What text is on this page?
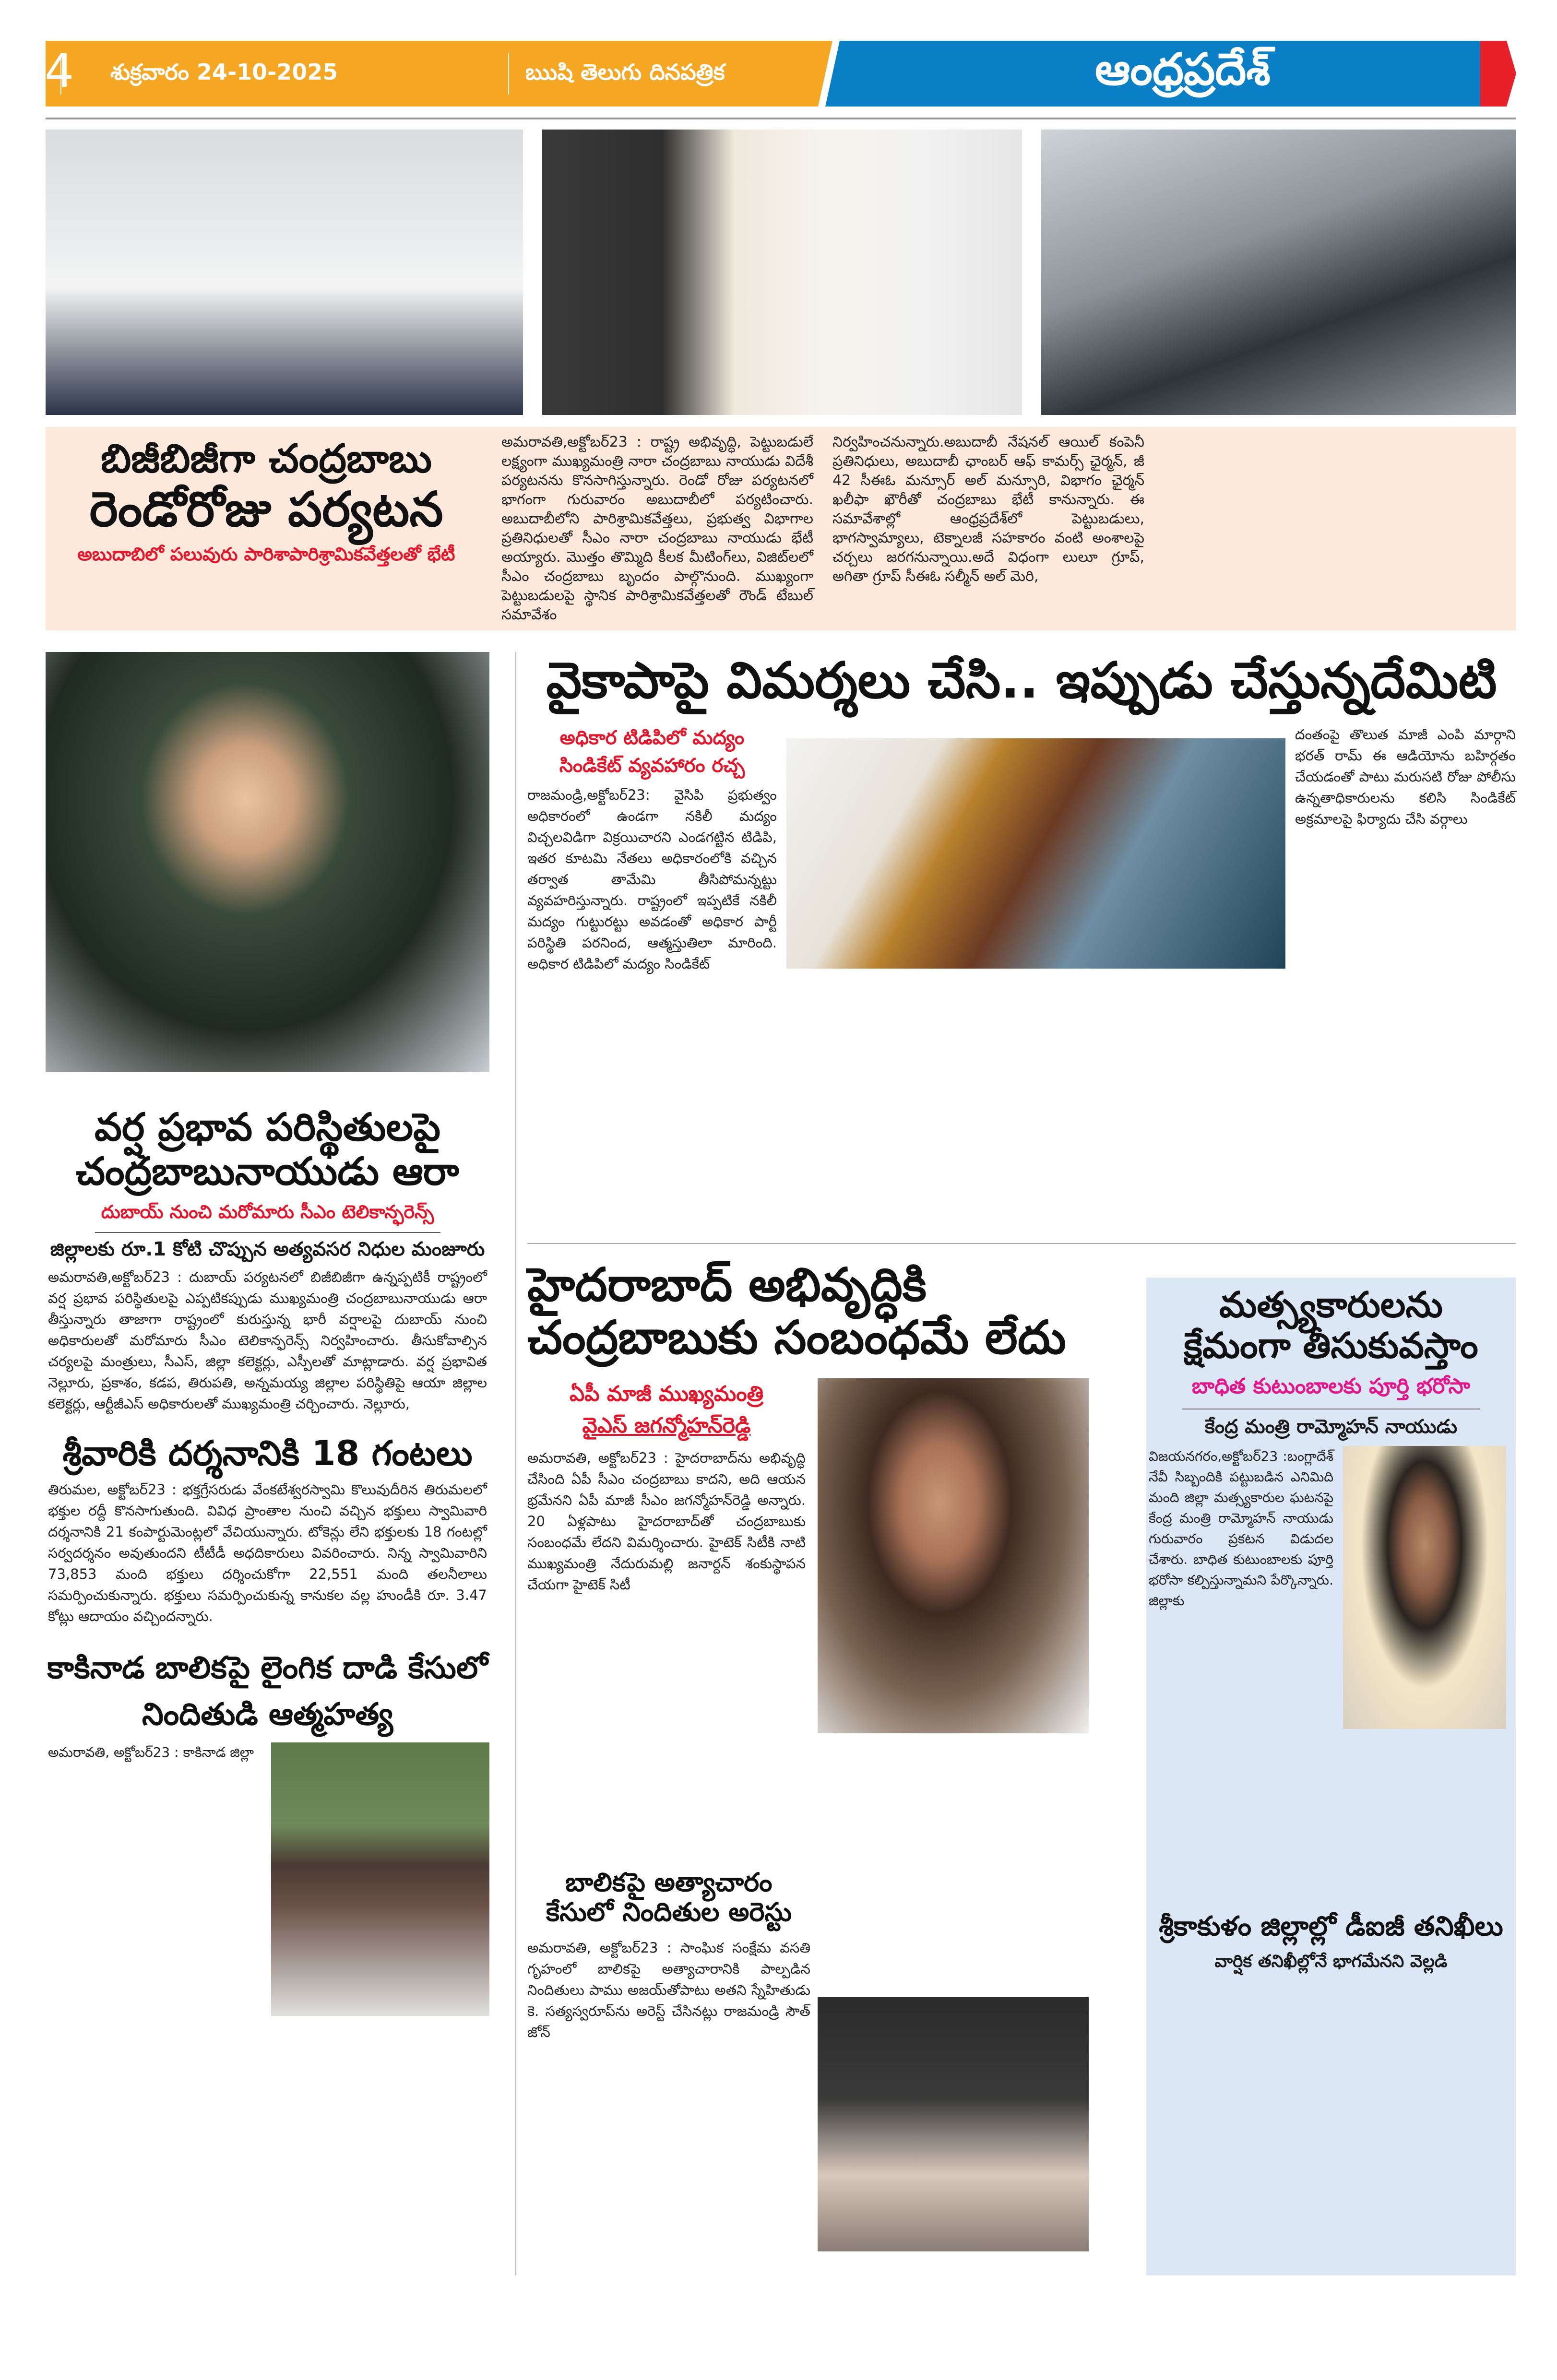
4 శుక్రవారం 24-10-2025	ఋషి తెలుగు దినపత్రిక	ఆంధ్రప్రదేశ్
బిజీబిజీగా చంద్రబాబు
రెండోరోజు పర్యటన
అబుదాబిలో పలువురు పారిశాపారిశ్రామికవేత్తలతో భేటీ
అమరావతి,అక్టోబర్23 : రాష్ట్ర అభివృద్ధి, పెట్టుబడులే లక్ష్యంగా ముఖ్యమంత్రి నారా చంద్రబాబు నాయుడు విదేశీ పర్యటనను కొనసాగిస్తున్నారు. రెండో రోజు పర్యటనలో భాగంగా గురువారం అబుదాబీలో పర్యటించారు. అబుదాబీలోని పారిశ్రామికవేత్తలు, ప్రభుత్వ విభాగాల ప్రతినిధులతో సీఎం నారా చంద్రబాబు నాయుడు భేటీ అయ్యారు. మొత్తం తొమ్మిది కీలక మీటింగ్‌లు, విజిట్‌లలో సీఎం చంద్రబాబు బృందం పాల్గొనుంది. ముఖ్యంగా పెట్టుబడులపై స్థానిక పారిశ్రామికవేత్తలతో రౌండ్ టేబుల్ సమావేశం
నిర్వహించనున్నారు.అబుదాబీ నేషనల్ ఆయిల్ కంపెనీ ప్రతినిధులు, అబుదాబీ ఛాంబర్ ఆఫ్ కామర్స్ ఛైర్మన్, జీ 42 సీఈఓ మన్సూర్ అల్ మన్సూరి, విభాగం ఛైర్మన్ ఖలీఫా ఖౌరీతో చంద్రబాబు భేటీ కానున్నారు. ఈ సమావేశాల్లో ఆంధ్రప్రదేశ్‌లో పెట్టుబడులు, భాగస్వామ్యాలు, టెక్నాలజీ సహకారం వంటి అంశాలపై చర్చలు జరగనున్నాయి.అదే విధంగా లులూ గ్రూప్, అగితా గ్రూప్ సీఈఓ సల్మీన్ అల్ మెరి,
వర్ష ప్రభావ పరిస్థితులపై
చంద్రబాబునాయుడు ఆరా
దుబాయ్ నుంచి మరోమారు సీఎం టెలికాన్ఫరెన్స్
జిల్లాలకు రూ.1 కోటి చొప్పున అత్యవసర నిధుల మంజూరు
అమరావతి,అక్టోబర్23 : దుబాయ్ పర్యటనలో బిజీబిజీగా ఉన్నప్పటికీ రాష్ట్రంలో వర్ష ప్రభావ పరిస్థితులపై ఎప్పటికప్పుడు ముఖ్యమంత్రి చంద్రబాబునాయుడు ఆరా తీస్తున్నారు తాజాగా రాష్ట్రంలో కురుస్తున్న భారీ వర్షాలపై దుబాయ్ నుంచి అధికారులతో మరోమారు సీఎం టెలికాన్ఫరెన్స్ నిర్వహించారు. తీసుకోవాల్సిన చర్యలపై మంత్రులు, సీఎస్, జిల్లా కలెక్టర్లు, ఎస్పీలతో మాట్లాడారు. వర్ష ప్రభావిత నెల్లూరు, ప్రకాశం, కడప, తిరుపతి, అన్నమయ్య జిల్లాల పరిస్థితిపై ఆయా జిల్లాల కలెక్టర్లు, ఆర్టీజీఎస్ అధికారులతో ముఖ్యమంత్రి చర్చించారు. నెల్లూరు,
శ్రీవారికి దర్శనానికి 18 గంటలు
తిరుమల, అక్టోబర్23 : భక్తగ్రేసరుడు వేంకటేశ్వరస్వామి కొలువుదీరిన తిరుమలలో భక్తుల రద్దీ కొనసాగుతుంది. వివిధ ప్రాంతాల నుంచి వచ్చిన భక్తులు స్వామివారి దర్శనానికి 21 కంపార్టుమెంట్లలో వేచియున్నారు. టోకెన్లు లేని భక్తులకు 18 గంటల్లో సర్వదర్శనం అవుతుందని టీటీడీ అధదికారులు వివరించారు. నిన్న స్వామివారిని 73,853 మంది భక్తులు దర్శించుకోగా 22,551 మంది తలనీలాలు సమర్పించుకున్నారు. భక్తులు సమర్పించుకున్న కానుకల వల్ల హుండీకి రూ. 3.47 కోట్లు ఆదాయం వచ్చిందన్నారు.
కాకినాడ బాలికపై లైంగిక దాడి కేసులో
నిందితుడి ఆత్మహత్య
అమరావతి, అక్టోబర్23 : కాకినాడ జిల్లా
వైకాపాపై విమర్శలు చేసి.. ఇప్పుడు చేస్తున్నదేమిటి
అధికార టిడిపిలో మద్యం
సిండికేట్ వ్యవహారం రచ్చ
రాజమండ్రి,అక్టోబర్23: వైసిపి ప్రభుత్వం అధికారంలో ఉండగా నకిలీ మద్యం విచ్చలవిడిగా విక్రయిచారని ఎండగట్టిన టిడిపి, ఇతర కూటమి నేతలు అధికారంలోకి వచ్చిన తర్వాత తామేమి తీసిపోమన్నట్టు వ్యవహరిస్తున్నారు. రాష్ట్రంలో ఇప్పటికే నకిలీ మద్యం గుట్టురట్టు అవడంతో అధికార పార్టీ పరిస్థితి పరనింద, ఆత్మస్తుతిలా మారింది. అధికార టిడిపిలో మద్యం సిండికేట్
దంతంపై తొలుత మాజీ ఎంపి మార్గాని భరత్ రామ్ ఈ ఆడియోను బహిర్గతం చేయడంతో పాటు మరుసటి రోజు పోలీసు ఉన్నతాధికారులను కలిసి సిండికేట్ అక్రమాలపై ఫిర్యాదు చేసి వర్గాలు
హైదరాబాద్ అభివృద్ధికి
చంద్రబాబుకు సంబంధమే లేదు
ఏపీ మాజీ ముఖ్యమంత్రి
వైఎస్ జగన్మోహన్‌రెడ్డి
అమరావతి, అక్టోబర్23 : హైదరాబాద్‌ను అభివృద్ధి చేసింది ఏపీ సీఎం చంద్రబాబు కాదని, అది ఆయన భ్రమేనని ఏపీ మాజీ సీఎం జగన్మోహన్‌రెడ్డి అన్నారు. 20 ఏళ్లపాటు హైదరాబాద్‌తో చంద్రబాబుకు సంబంధమే లేదని విమర్శించారు. హైటెక్ సిటీకి నాటి ముఖ్యమంత్రి నేదురుమల్లి జనార్దన్ శంకుస్థాపన చేయగా హైటెక్ సిటీ
బాలికపై అత్యాచారం
కేసులో నిందితుల అరెస్టు
అమరావతి, అక్టోబర్23 : సాంఘిక సంక్షేమ వసతి గృహంలో బాలికపై అత్యాచారానికి పాల్పడిన నిందితులు పాము అజయ్‌తోపాటు అతని స్నేహితుడు కె. సత్యస్వరూప్‌ను అరెస్ట్ చేసినట్లు రాజమండ్రి సౌత్ జోన్
మత్స్యకారులను
క్షేమంగా తీసుకువస్తాం
బాధిత కుటుంబాలకు పూర్తి భరోసా
కేంద్ర మంత్రి రామ్మోహన్ నాయుడు
విజయనగరం,అక్టోబర్23 :బంగ్లాదేశ్ నేవీ సిబ్బందికి పట్టుబడిన ఎనిమిది మంది జిల్లా మత్స్యకారుల ఘటనపై కేంద్ర మంత్రి రామ్మోహన్ నాయుడు గురువారం ప్రకటన విడుదల చేశారు. బాధిత కుటుంబాలకు పూర్తి భరోసా కల్పిస్తున్నామని పేర్కొన్నారు. జిల్లాకు
శ్రీకాకుళం జిల్లాల్లో డీఐజీ తనిఖీలు
వార్షిక తనిఖీల్లోనే భాగమేనని వెల్లడి
